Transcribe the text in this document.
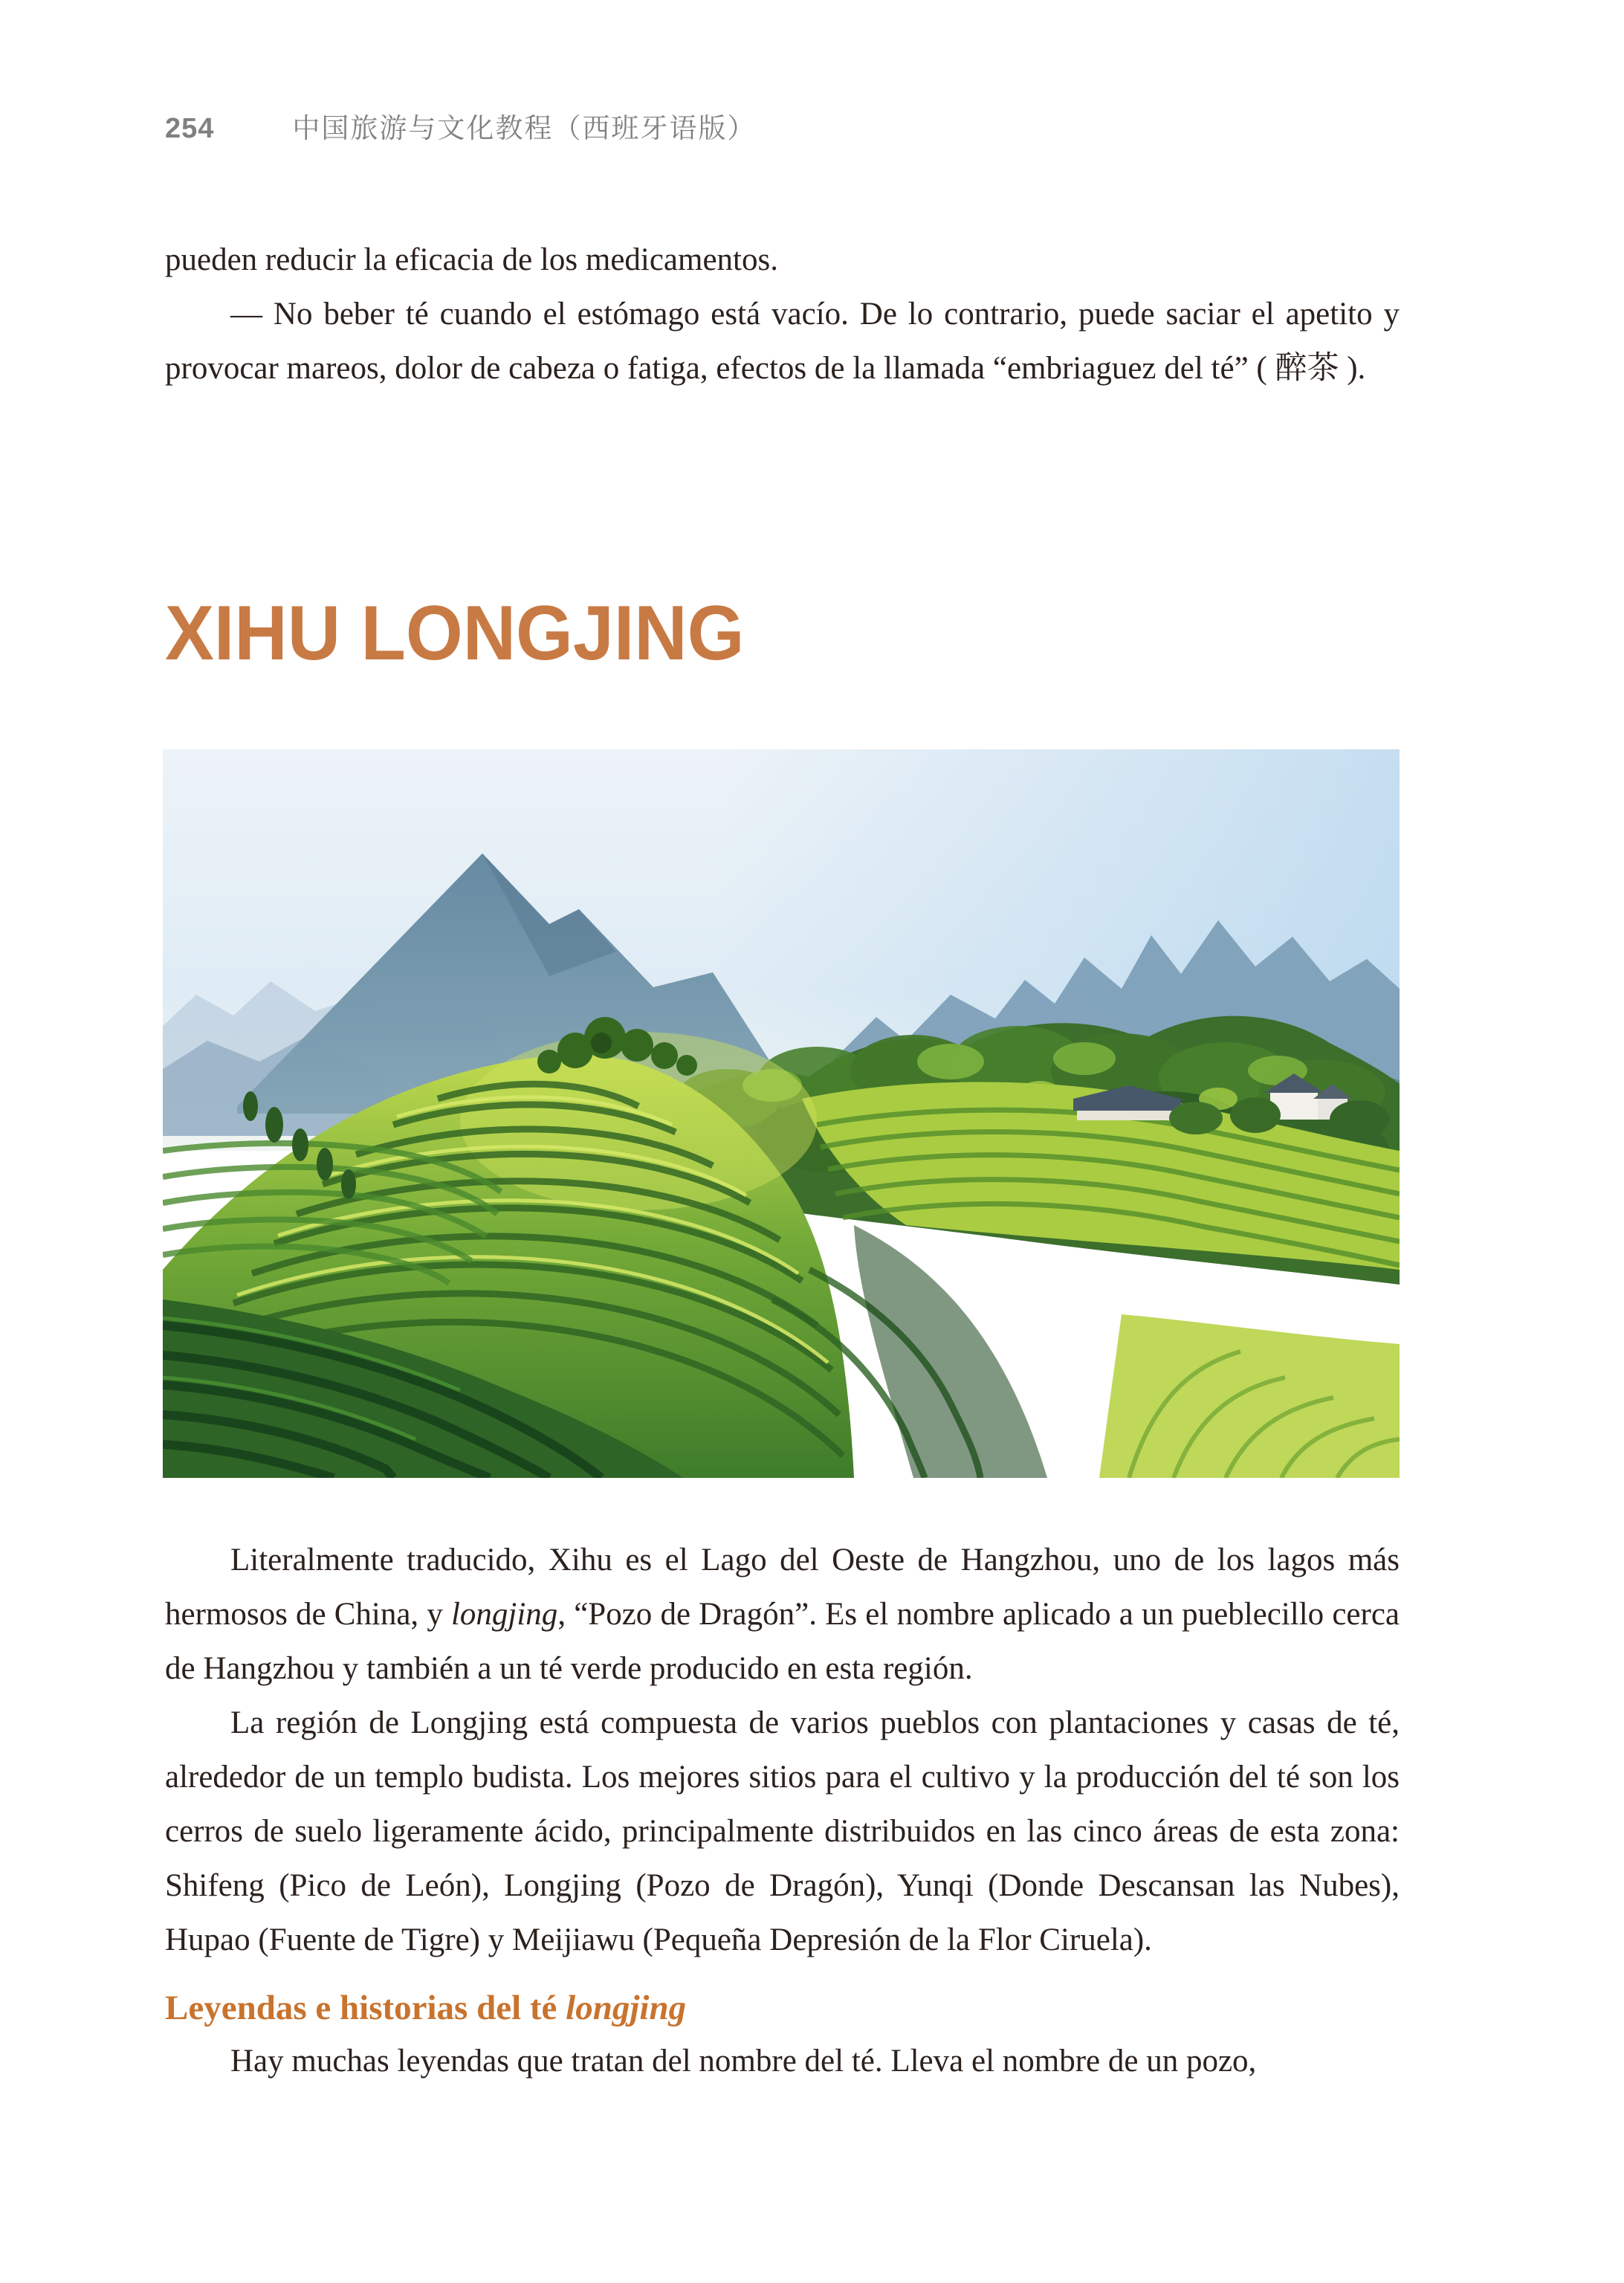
254	中国旅游与文化教程（西班牙语版）

pueden reducir la eficacia de los medicamentos.

— No beber té cuando el estómago está vacío. De lo contrario, puede saciar el apetito y provocar mareos, dolor de cabeza o fatiga, efectos de la llamada “embriaguez del té” ( 醉茶 ).

XIHU LONGJING

Literalmente traducido, Xihu es el Lago del Oeste de Hangzhou, uno de los lagos más hermosos de China, y longjing, “Pozo de Dragón”. Es el nombre aplicado a un pueblecillo cerca de Hangzhou y también a un té verde producido en esta región.

La región de Longjing está compuesta de varios pueblos con plantaciones y casas de té, alrededor de un templo budista. Los mejores sitios para el cultivo y la producción del té son los cerros de suelo ligeramente ácido, principalmente distribuidos en las cinco áreas de esta zona: Shifeng (Pico de León), Longjing (Pozo de Dragón), Yunqi (Donde Descansan las Nubes), Hupao (Fuente de Tigre) y Meijiawu (Pequeña Depresión de la Flor Ciruela).

Leyendas e historias del té longjing

Hay muchas leyendas que tratan del nombre del té. Lleva el nombre de un pozo,
